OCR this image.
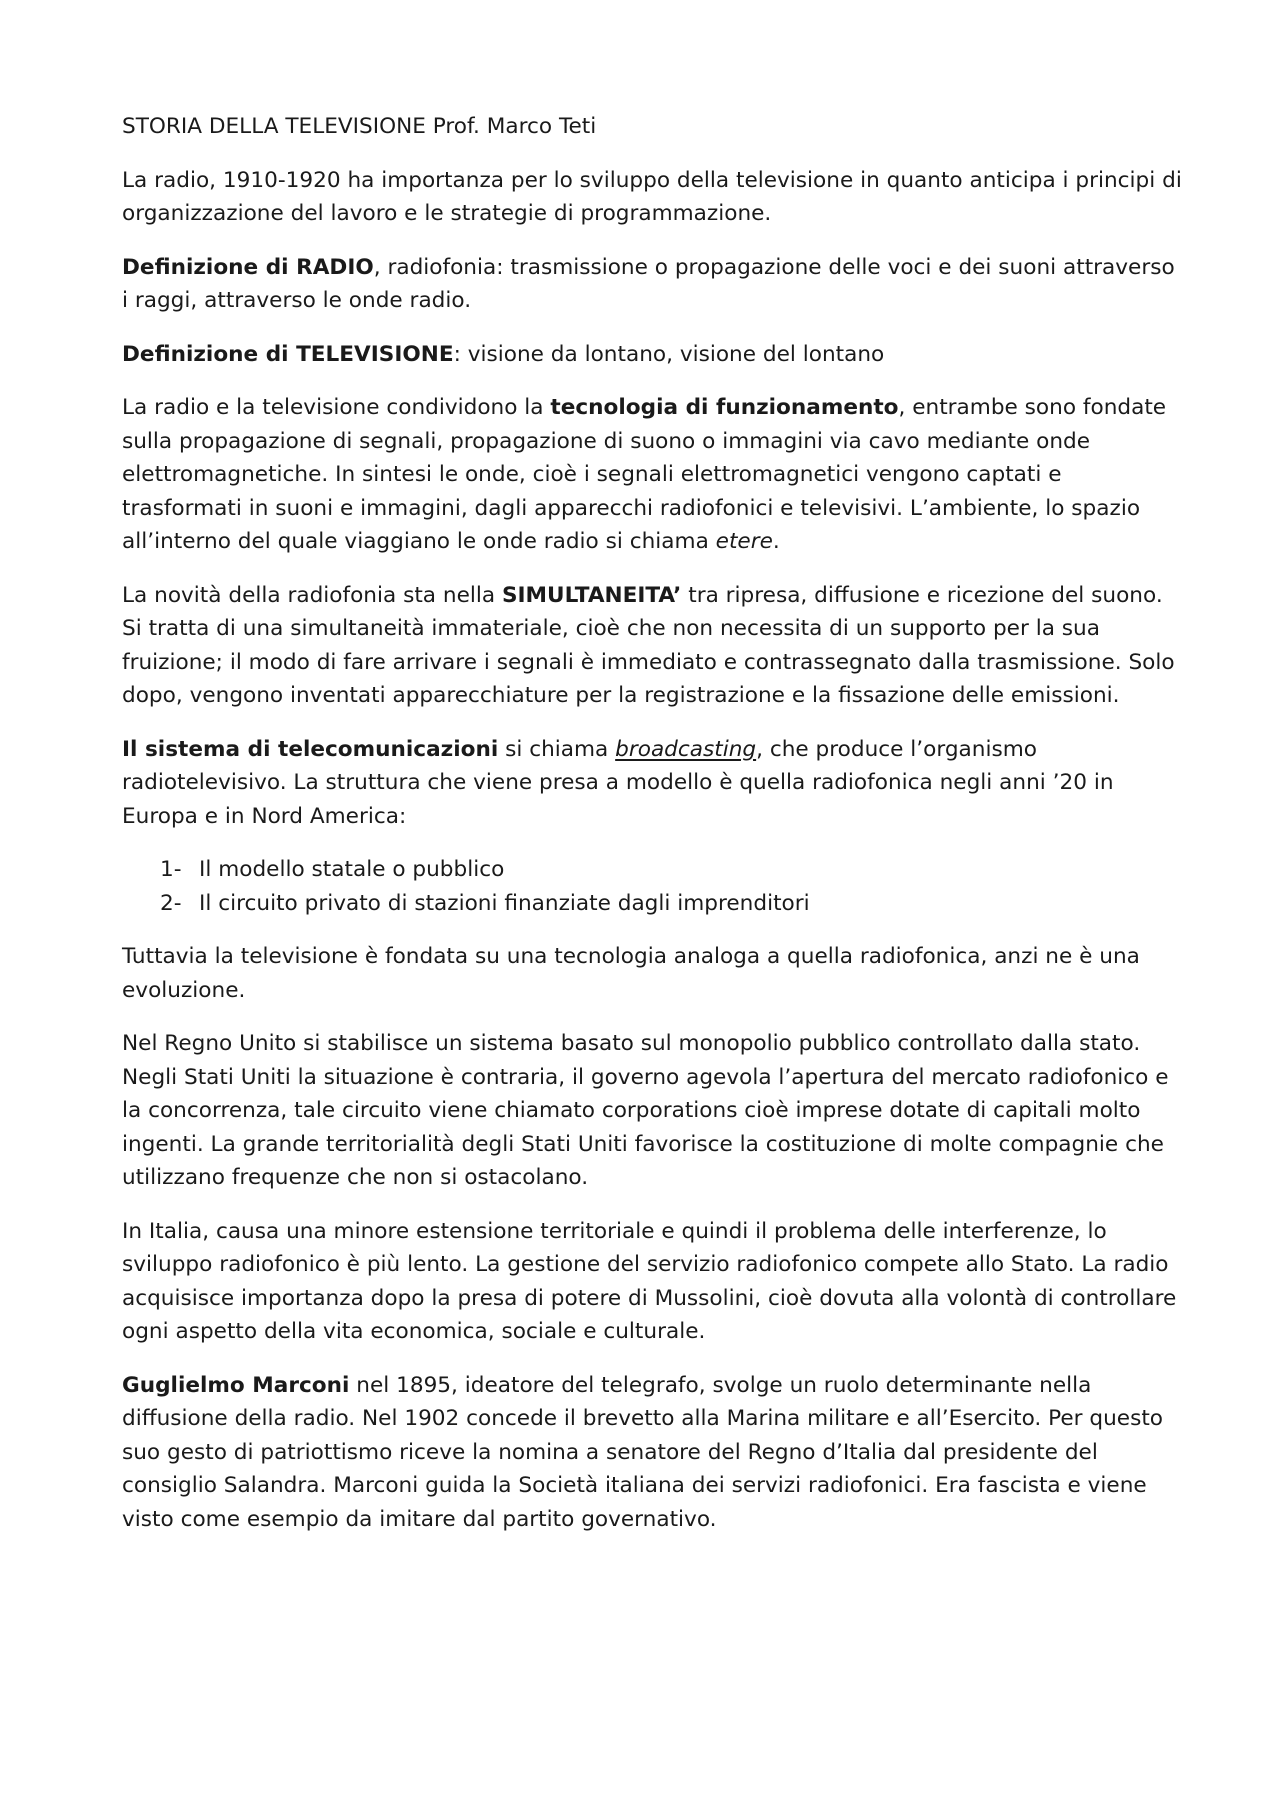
STORIA DELLA TELEVISIONE Prof. Marco Teti

La radio, 1910-1920 ha importanza per lo sviluppo della televisione in quanto anticipa i principi di organizzazione del lavoro e le strategie di programmazione.

Definizione di RADIO, radiofonia: trasmissione o propagazione delle voci e dei suoni attraverso i raggi, attraverso le onde radio.

Definizione di TELEVISIONE: visione da lontano, visione del lontano

La radio e la televisione condividono la tecnologia di funzionamento, entrambe sono fondate sulla propagazione di segnali, propagazione di suono o immagini via cavo mediante onde elettromagnetiche. In sintesi le onde, cioè i segnali elettromagnetici vengono captati e trasformati in suoni e immagini, dagli apparecchi radiofonici e televisivi. L’ambiente, lo spazio all’interno del quale viaggiano le onde radio si chiama etere.

La novità della radiofonia sta nella SIMULTANEITA’ tra ripresa, diffusione e ricezione del suono. Si tratta di una simultaneità immateriale, cioè che non necessita di un supporto per la sua fruizione; il modo di fare arrivare i segnali è immediato e contrassegnato dalla trasmissione. Solo dopo, vengono inventati apparecchiature per la registrazione e la fissazione delle emissioni.

Il sistema di telecomunicazioni si chiama broadcasting, che produce l’organismo radiotelevisivo. La struttura che viene presa a modello è quella radiofonica negli anni ’20 in Europa e in Nord America:

1- Il modello statale o pubblico
2- Il circuito privato di stazioni finanziate dagli imprenditori

Tuttavia la televisione è fondata su una tecnologia analoga a quella radiofonica, anzi ne è una evoluzione.

Nel Regno Unito si stabilisce un sistema basato sul monopolio pubblico controllato dalla stato. Negli Stati Uniti la situazione è contraria, il governo agevola l’apertura del mercato radiofonico e la concorrenza, tale circuito viene chiamato corporations cioè imprese dotate di capitali molto ingenti. La grande territorialità degli Stati Uniti favorisce la costituzione di molte compagnie che utilizzano frequenze che non si ostacolano.

In Italia, causa una minore estensione territoriale e quindi il problema delle interferenze, lo sviluppo radiofonico è più lento. La gestione del servizio radiofonico compete allo Stato. La radio acquisisce importanza dopo la presa di potere di Mussolini, cioè dovuta alla volontà di controllare ogni aspetto della vita economica, sociale e culturale.

Guglielmo Marconi nel 1895, ideatore del telegrafo, svolge un ruolo determinante nella diffusione della radio. Nel 1902 concede il brevetto alla Marina militare e all’Esercito. Per questo suo gesto di patriottismo riceve la nomina a senatore del Regno d’Italia dal presidente del consiglio Salandra. Marconi guida la Società italiana dei servizi radiofonici. Era fascista e viene visto come esempio da imitare dal partito governativo.
